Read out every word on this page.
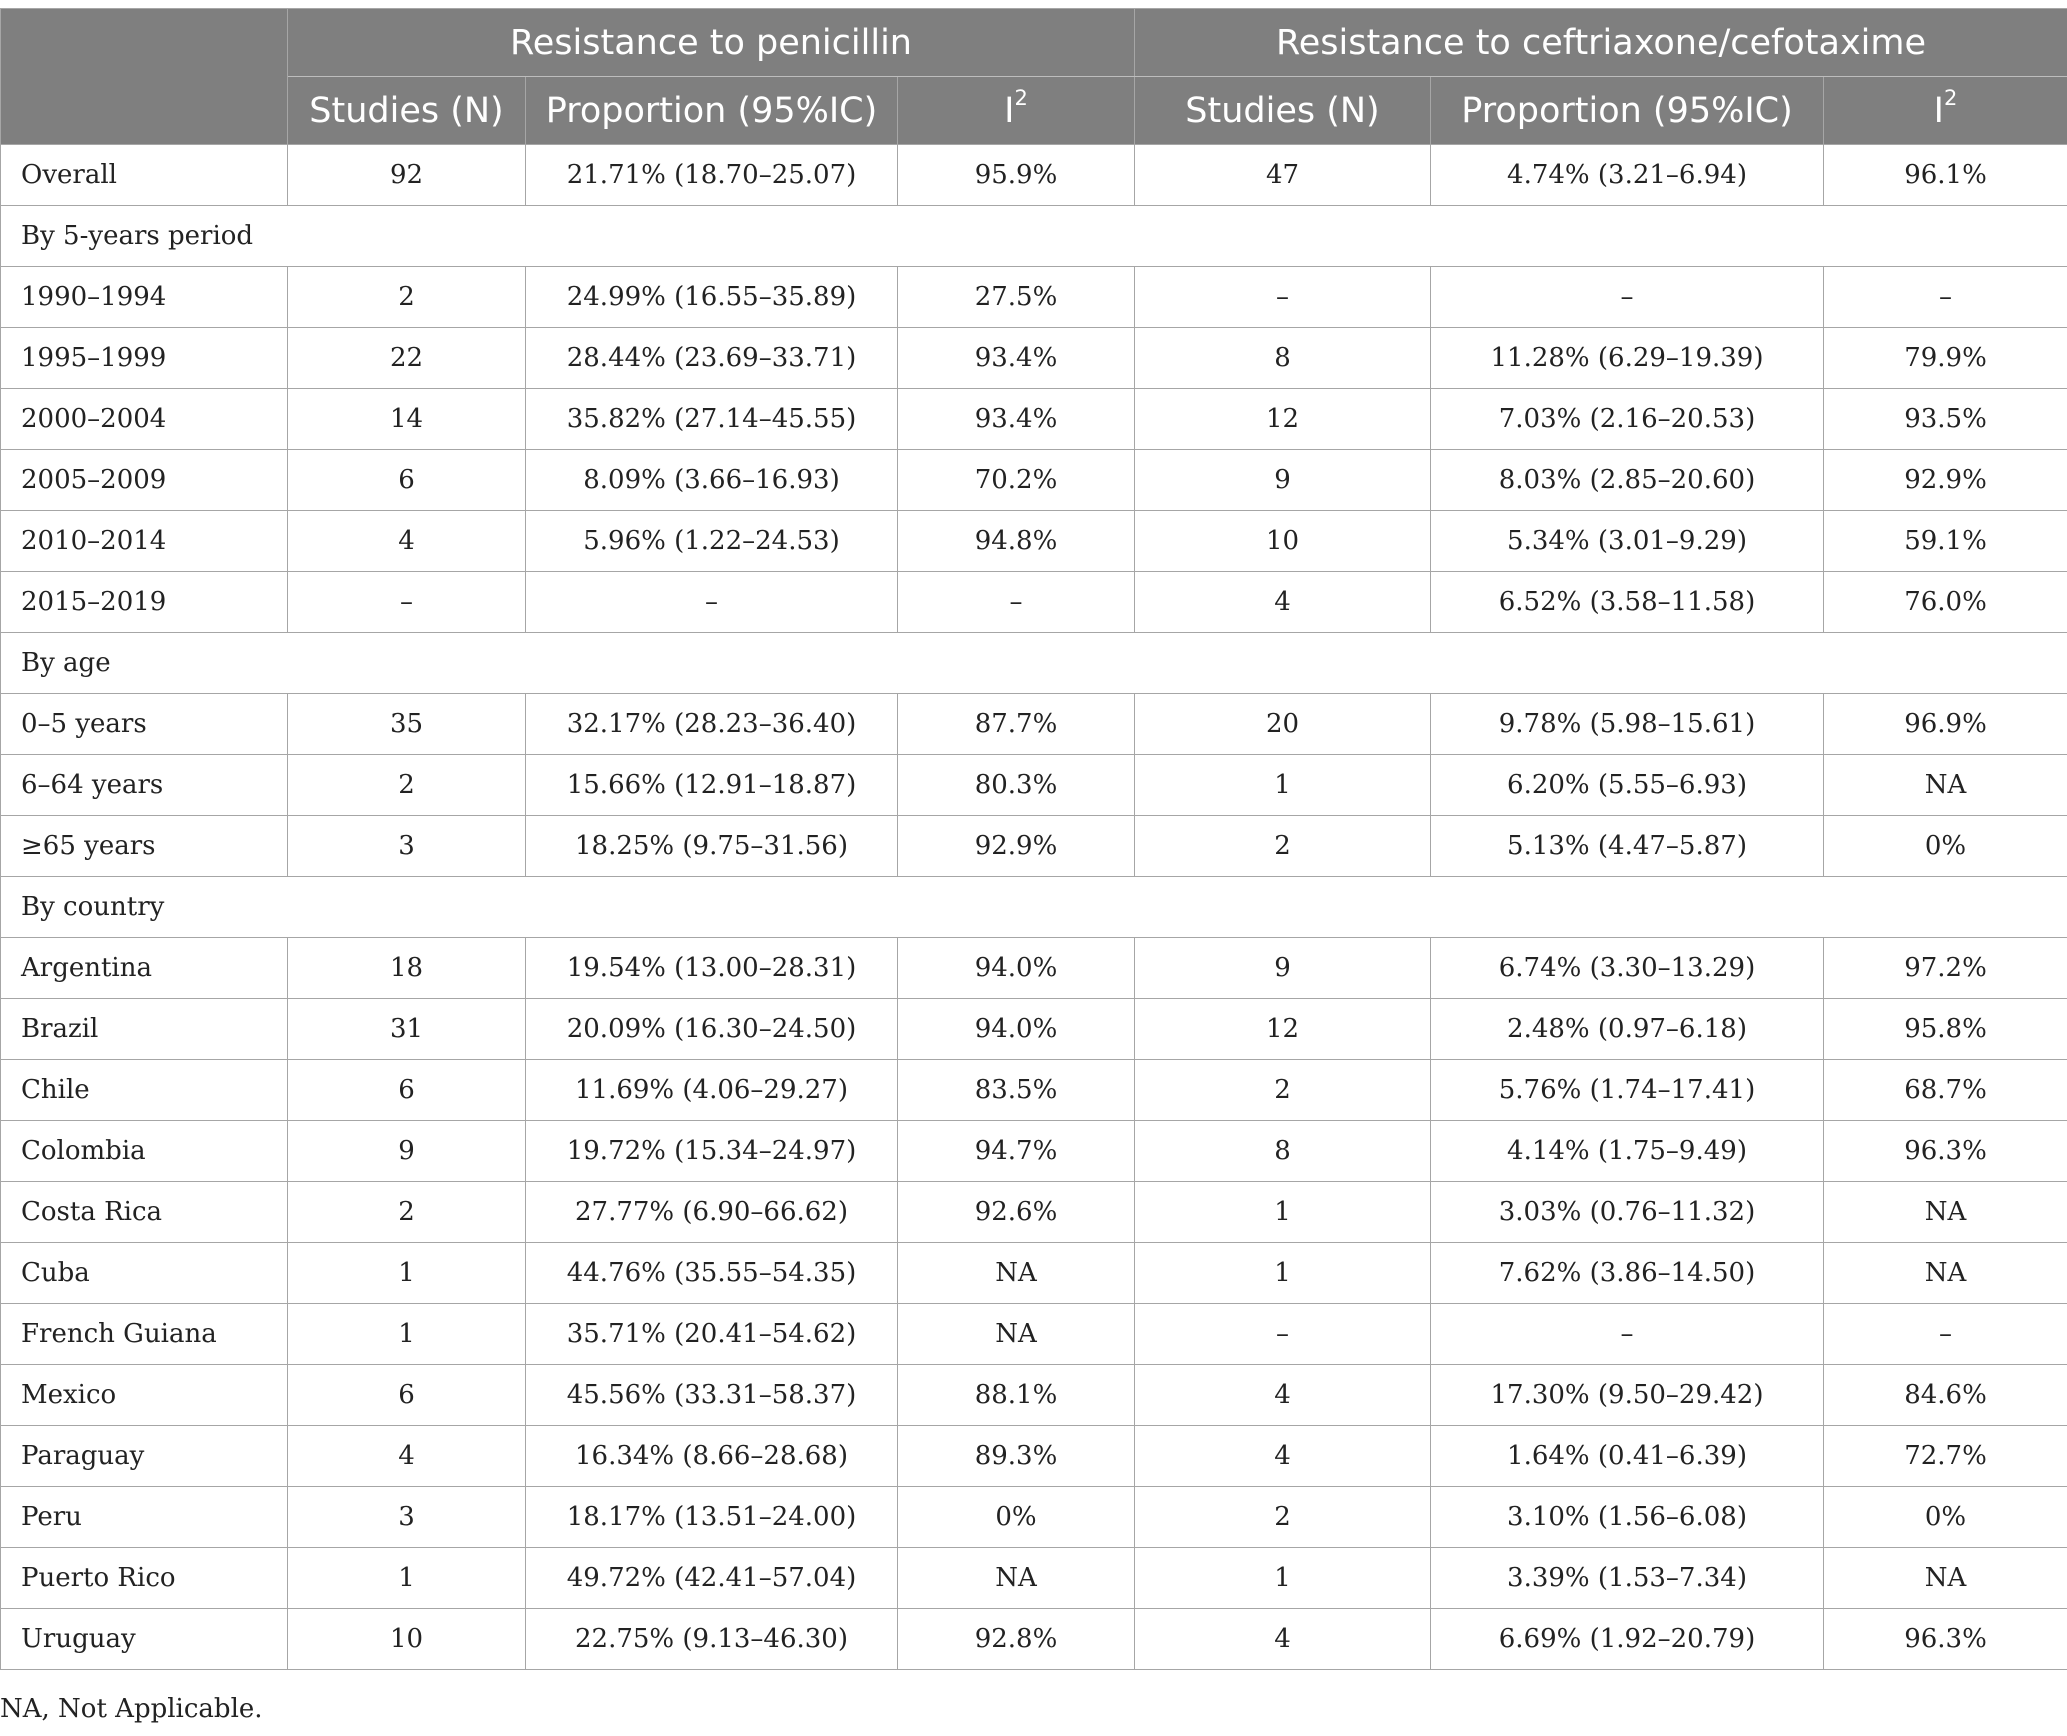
	Resistance to penicillin			Resistance to ceftriaxone/cefotaxime		
	Studies (N)	Proportion (95%IC)	$I^2$	Studies (N)	Proportion (95%IC)	$I^2$
Overall	92	21.71% (18.70–25.07)	95.9%	47	4.74% (3.21–6.94)	96.1%
By 5-years period						
1990–1994	2	24.99% (16.55–35.89)	27.5%	–	–	–
1995–1999	22	28.44% (23.69–33.71)	93.4%	8	11.28% (6.29–19.39)	79.9%
2000–2004	14	35.82% (27.14–45.55)	93.4%	12	7.03% (2.16–20.53)	93.5%
2005–2009	6	8.09% (3.66–16.93)	70.2%	9	8.03% (2.85–20.60)	92.9%
2010–2014	4	5.96% (1.22–24.53)	94.8%	10	5.34% (3.01–9.29)	59.1%
2015–2019	–	–	–	4	6.52% (3.58–11.58)	76.0%
By age						
0–5 years	35	32.17% (28.23–36.40)	87.7%	20	9.78% (5.98–15.61)	96.9%
6–64 years	2	15.66% (12.91–18.87)	80.3%	1	6.20% (5.55–6.93)	NA
≥65 years	3	18.25% (9.75–31.56)	92.9%	2	5.13% (4.47–5.87)	0%
By country						
Argentina	18	19.54% (13.00–28.31)	94.0%	9	6.74% (3.30–13.29)	97.2%
Brazil	31	20.09% (16.30–24.50)	94.0%	12	2.48% (0.97–6.18)	95.8%
Chile	6	11.69% (4.06–29.27)	83.5%	2	5.76% (1.74–17.41)	68.7%
Colombia	9	19.72% (15.34–24.97)	94.7%	8	4.14% (1.75–9.49)	96.3%
Costa Rica	2	27.77% (6.90–66.62)	92.6%	1	3.03% (0.76–11.32)	NA
Cuba	1	44.76% (35.55–54.35)	NA	1	7.62% (3.86–14.50)	NA
French Guiana	1	35.71% (20.41–54.62)	NA	–	–	–
Mexico	6	45.56% (33.31–58.37)	88.1%	4	17.30% (9.50–29.42)	84.6%
Paraguay	4	16.34% (8.66–28.68)	89.3%	4	1.64% (0.41–6.39)	72.7%
Peru	3	18.17% (13.51–24.00)	0%	2	3.10% (1.56–6.08)	0%
Puerto Rico	1	49.72% (42.41–57.04)	NA	1	3.39% (1.53–7.34)	NA
Uruguay	10	22.75% (9.13–46.30)	92.8%	4	6.69% (1.92–20.79)	96.3%
NA, Not Applicable.
